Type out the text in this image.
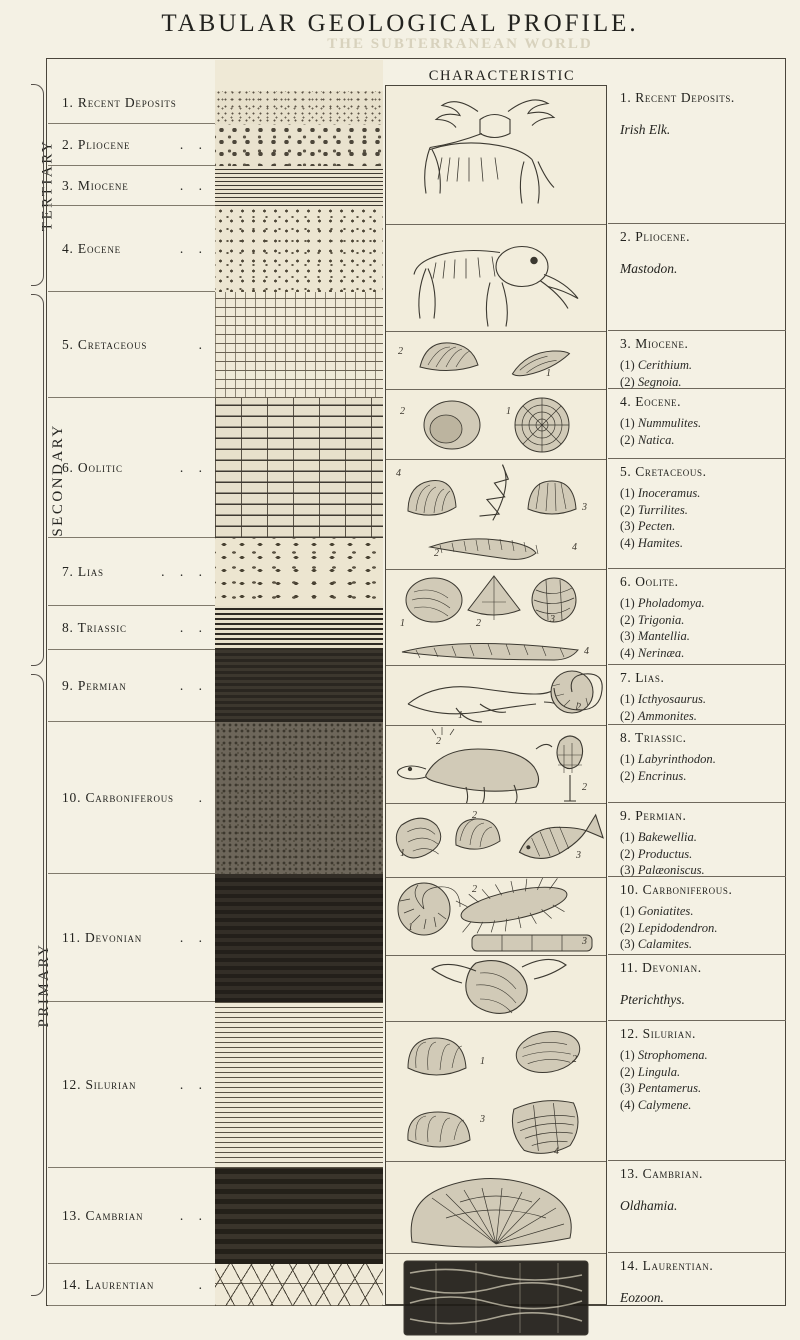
TABULAR GEOLOGICAL PROFILE.
THE SUBTERRANEAN WORLD
TERTIARY
SECONDARY
PRIMARY
CHARACTERISTIC
1. Recent Deposits
2. Pliocene	. .
3. Miocene	. .
4. Eocene	. .
5. Cretaceous	.
6. Oolitic	. .
7. Lias	. . .
8. Triassic	. .
9. Permian	. .
10. Carboniferous .
11. Devonian	. .
12. Silurian	. .
13. Cambrian	. .
14. Laurentian	.
2
1
2	1
4
3
2
4
1	2	3
4
1
2
2
2
2
1	3
2
1
3
1	2
3
4
1. Recent Deposits.
Irish Elk.
2. Pliocene.
Mastodon.
3. Miocene.
(1) Cerithium.
(2) Segnoia.
4. Eocene.
(1) Nummulites.
(2) Natica.
5. Cretaceous.
(1) Inoceramus.
(2) Turrilites.
(3) Pecten.
(4) Hamites.
6. Oolite.
(1) Pholadomya.
(2) Trigonia.
(3) Mantellia.
(4) Nerinæa.
7. Lias.
(1) Icthyosaurus.
(2) Ammonites.
8. Triassic.
(1) Labyrinthodon.
(2) Encrinus.
9. Permian.
(1) Bakewellia.
(2) Productus.
(3) Palæoniscus.
10. Carboniferous.
(1) Goniatites.
(2) Lepidodendron.
(3) Calamites.
11. Devonian.
Pterichthys.
12. Silurian.
(1) Strophomena.
(2) Lingula.
(3) Pentamerus.
(4) Calymene.
13. Cambrian.
Oldhamia.
14. Laurentian.
Eozoon.
